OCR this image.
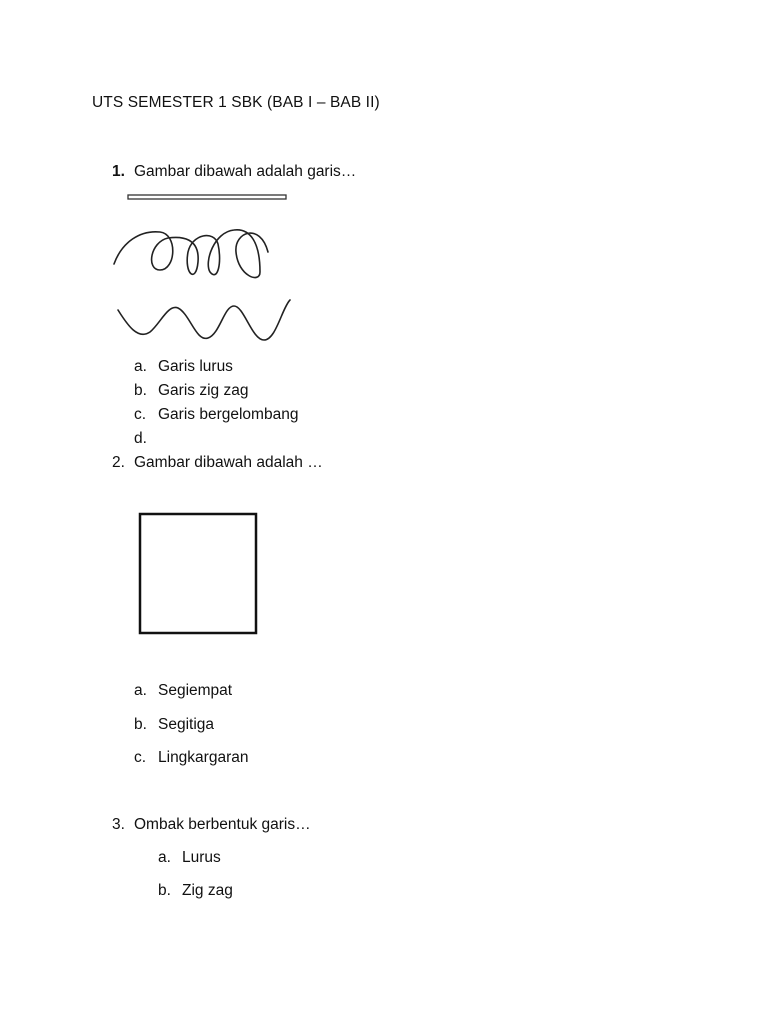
UTS SEMESTER 1 SBK (BAB I – BAB II)
1. Gambar dibawah adalah garis…
a. Garis lurus
b. Garis zig zag
c. Garis bergelombang
d.
2. Gambar dibawah adalah …
a. Segiempat
b. Segitiga
c. Lingkargaran
3. Ombak berbentuk garis…
a. Lurus
b. Zig zag
